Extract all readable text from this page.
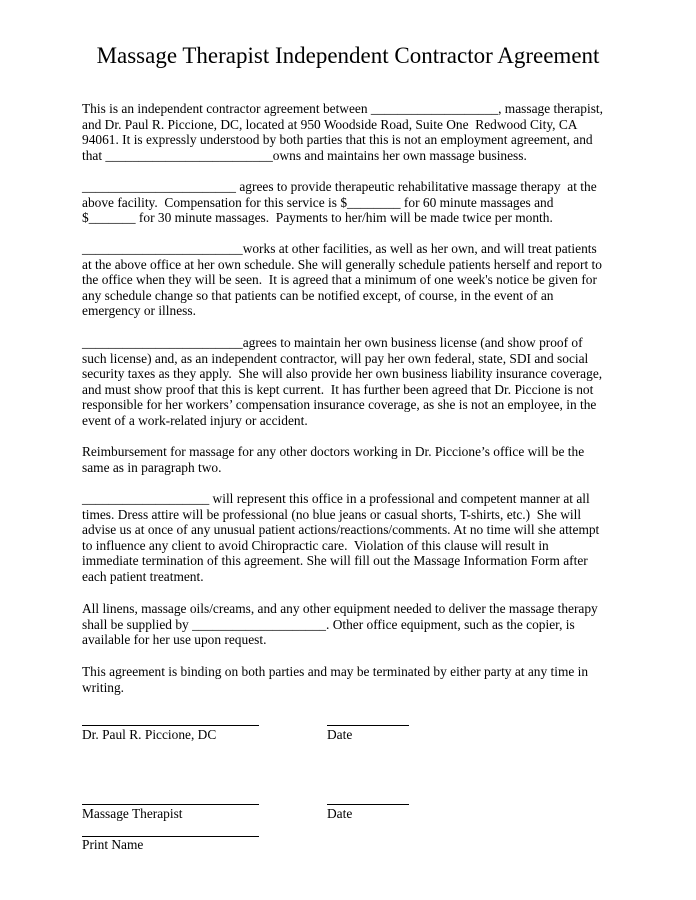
Massage Therapist Independent Contractor Agreement
This is an independent contractor agreement between ___________________, massage therapist,
and Dr. Paul R. Piccione, DC, located at 950 Woodside Road, Suite One  Redwood City, CA
94061. It is expressly understood by both parties that this is not an employment agreement, and
that _________________________owns and maintains her own massage business.
_______________________ agrees to provide therapeutic rehabilitative massage therapy  at the
above facility.  Compensation for this service is $________ for 60 minute massages and
$_______ for 30 minute massages.  Payments to her/him will be made twice per month.
________________________works at other facilities, as well as her own, and will treat patients
at the above office at her own schedule. She will generally schedule patients herself and report to
the office when they will be seen.  It is agreed that a minimum of one week's notice be given for
any schedule change so that patients can be notified except, of course, in the event of an
emergency or illness.
________________________agrees to maintain her own business license (and show proof of
such license) and, as an independent contractor, will pay her own federal, state, SDI and social
security taxes as they apply.  She will also provide her own business liability insurance coverage,
and must show proof that this is kept current.  It has further been agreed that Dr. Piccione is not
responsible for her workers’ compensation insurance coverage, as she is not an employee, in the
event of a work-related injury or accident.
Reimbursement for massage for any other doctors working in Dr. Piccione’s office will be the
same as in paragraph two.
___________________ will represent this office in a professional and competent manner at all
times. Dress attire will be professional (no blue jeans or casual shorts, T-shirts, etc.)  She will
advise us at once of any unusual patient actions/reactions/comments. At no time will she attempt
to influence any client to avoid Chiropractic care.  Violation of this clause will result in
immediate termination of this agreement. She will fill out the Massage Information Form after
each patient treatment.
All linens, massage oils/creams, and any other equipment needed to deliver the massage therapy
shall be supplied by ____________________. Other office equipment, such as the copier, is
available for her use upon request.
This agreement is binding on both parties and may be terminated by either party at any time in
writing.
Dr. Paul R. Piccione, DC	Date
Massage Therapist	Date
Print Name
